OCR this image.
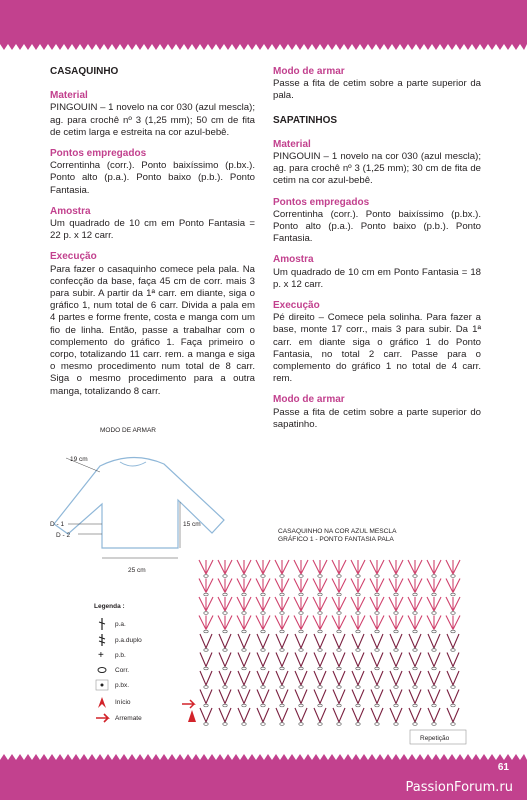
CASAQUINHO
Material
PINGOUIN – 1 novelo na cor 030 (azul mescla); ag. para crochê nº 3 (1,25 mm); 50 cm de fita de cetim larga e estreita na cor azul-bebê.
Pontos empregados
Correntinha (corr.). Ponto baixíssimo (p.bx.). Ponto alto (p.a.). Ponto baixo (p.b.). Ponto Fantasia.
Amostra
Um quadrado de 10 cm em Ponto Fantasia = 22 p. x 12 carr.
Execução
Para fazer o casaquinho comece pela pala. Na confecção da base, faça 45 cm de corr. mais 3 para subir. A partir da 1ª carr. em diante, siga o gráfico 1, num total de 6 carr. Divida a pala em 4 partes e forme frente, costa e manga com um fio de linha. Então, passe a trabalhar com o complemento do gráfico 1. Faça primeiro o corpo, totalizando 11 carr. rem. a manga e siga o mesmo procedimento num total de 8 carr. Siga o mesmo procedimento para a outra manga, totalizando 8 carr.
Modo de armar
Passe a fita de cetim sobre a parte superior da pala.
SAPATINHOS
Material
PINGOUIN – 1 novelo na cor 030 (azul mescla); ag. para crochê nº 3 (1,25 mm); 30 cm de fita de cetim na cor azul-bebê.
Pontos empregados
Correntinha (corr.). Ponto baixíssimo (p.bx.). Ponto alto (p.a.). Ponto baixo (p.b.). Ponto Fantasia.
Amostra
Um quadrado de 10 cm em Ponto Fantasia = 18 p. x 12 carr.
Execução
Pé direito – Comece pela solinha. Para fazer a base, monte 17 corr., mais 3 para subir. Da 1ª carr. em diante siga o gráfico 1 do Ponto Fantasia, no total 2 carr. Passe para o complemento do gráfico 1 no total de 4 carr. rem.
Modo de armar
Passe a fita de cetim sobre a parte superior do sapatinho.
MODO DE ARMAR
19 cm
15 cm
25 cm
D - 1
D - 2
Legenda :
p.a.
p.a.duplo
+ p.b.
Corr.
p.bx.
Início
Arremate
CASAQUINHO NA COR AZUL MESCLA
GRÁFICO 1 - PONTO FANTASIA PALA
Repetição
61
PassionForum.ru
